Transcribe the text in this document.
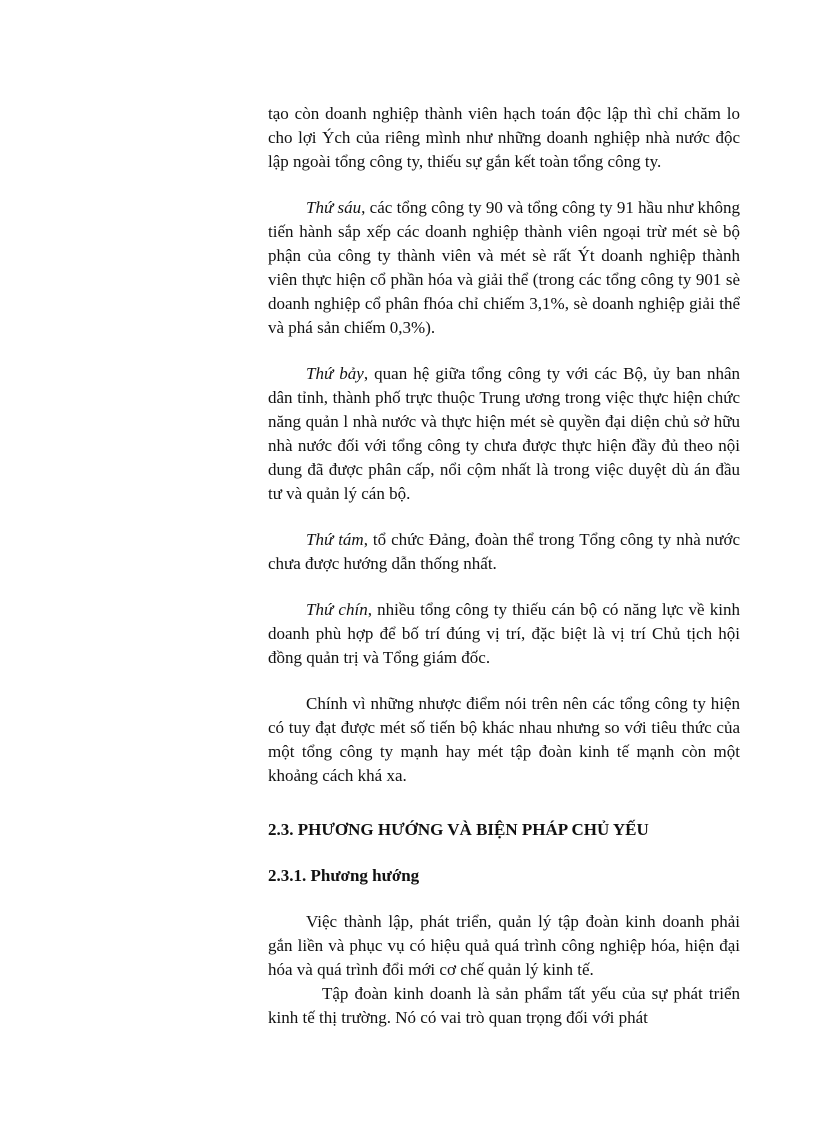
tạo còn doanh nghiệp thành viên hạch toán độc lập thì chỉ chăm lo cho lợi Ých của riêng mình như những doanh nghiệp nhà nước độc lập ngoài tổng công ty, thiếu sự gắn kết toàn tổng công ty.

Thứ sáu, các tổng công ty 90 và tổng công ty 91 hầu như không tiến hành sắp xếp các doanh nghiệp thành viên ngoại trừ mét sè bộ phận của công ty thành viên và mét sè rất Ýt doanh nghiệp thành viên thực hiện cổ phần hóa và giải thể (trong các tổng công ty 901 sè doanh nghiệp cổ phân fhóa chỉ chiếm 3,1%, sè doanh nghiệp giải thể và phá sản chiếm 0,3%).

Thứ bảy, quan hệ giữa tổng công ty với các Bộ, ủy ban nhân dân tỉnh, thành phố trực thuộc Trung ương trong việc thực hiện chức năng quản l nhà nước và thực hiện mét sè quyền đại diện chủ sở hữu nhà nước đối với tổng công ty chưa được thực hiện đầy đủ theo nội dung đã được phân cấp, nổi cộm nhất là trong việc duyệt dù án đầu tư và quản lý cán bộ.

Thứ tám, tổ chức Đảng, đoàn thể trong Tổng công ty nhà nước chưa được hướng dẫn thống nhất.

Thứ chín, nhiều tổng công ty thiếu cán bộ có năng lực về kinh doanh phù hợp để bố trí đúng vị trí, đặc biệt là vị trí Chủ tịch hội đồng quản trị và Tổng giám đốc.

Chính vì những nhược điểm nói trên nên các tổng công ty hiện có tuy đạt được mét số tiến bộ khác nhau nhưng so với tiêu thức của một tổng công ty mạnh hay mét tập đoàn kinh tế mạnh còn một khoảng cách khá xa.

2.3. PHƯƠNG HƯỚNG VÀ BIỆN PHÁP CHỦ YẾU
2.3.1. Phương hướng

Việc thành lập, phát triển, quản lý tập đoàn kinh doanh phải gắn liền và phục vụ có hiệu quả quá trình công nghiệp hóa, hiện đại hóa và quá trình đổi mới cơ chế quản lý kinh tế.

Tập đoàn kinh doanh là sản phẩm tất yếu của sự phát triển kinh tế thị trường. Nó có vai trò quan trọng đối với phát
